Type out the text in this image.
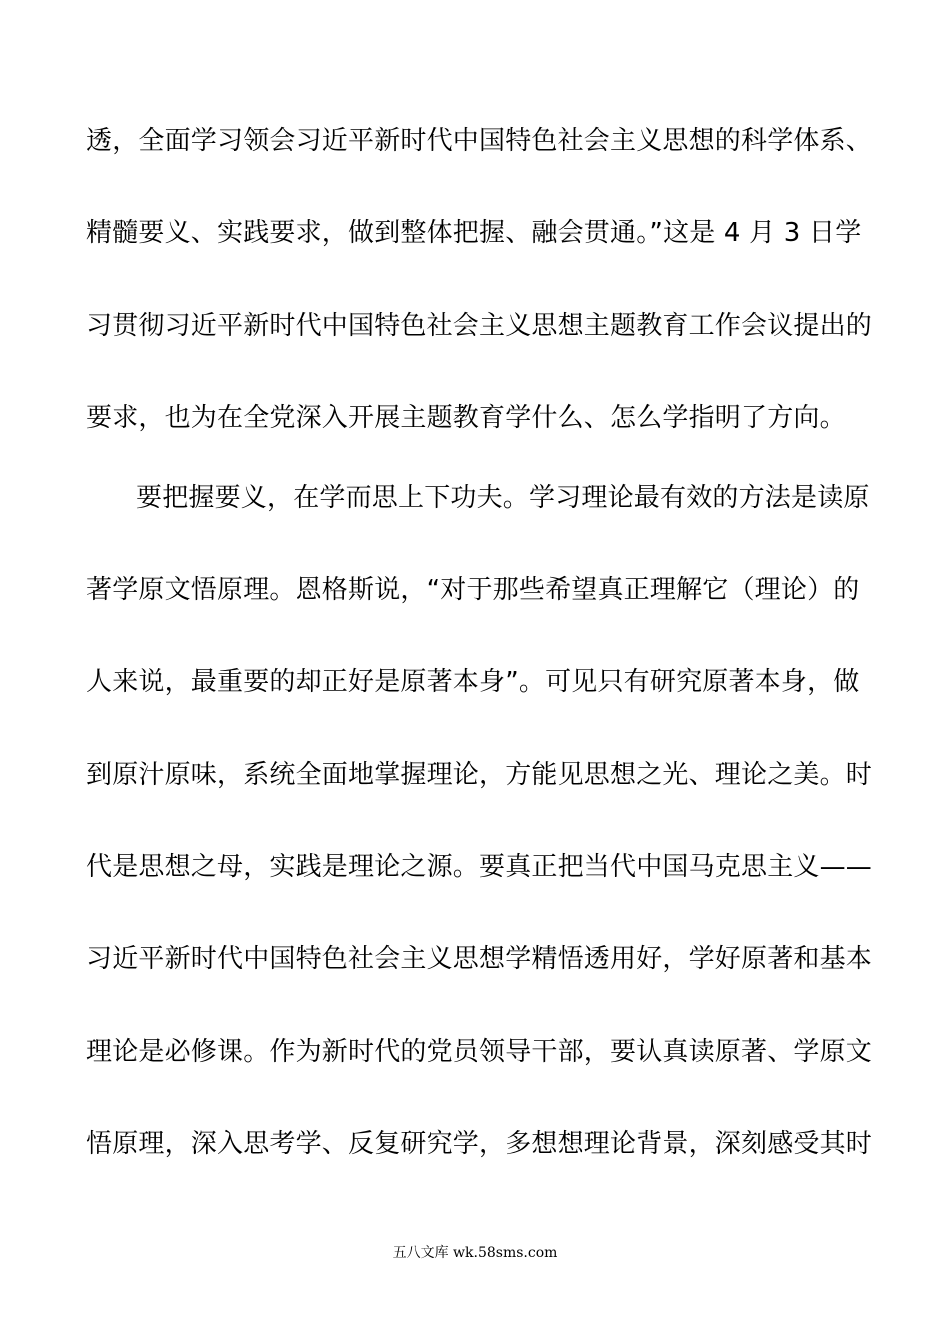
透，全面学习领会习近平新时代中国特色社会主义思想的科学体系、
精髓要义、实践要求，做到整体把握、融会贯通。”这是 4 月 3 日学
习贯彻习近平新时代中国特色社会主义思想主题教育工作会议提出的
要求，也为在全党深入开展主题教育学什么、怎么学指明了方向。
要把握要义，在学而思上下功夫。学习理论最有效的方法是读原
著学原文悟原理。恩格斯说，“对于那些希望真正理解它（理论）的
人来说，最重要的却正好是原著本身”。可见只有研究原著本身，做
到原汁原味，系统全面地掌握理论，方能见思想之光、理论之美。时
代是思想之母，实践是理论之源。要真正把当代中国马克思主义——
习近平新时代中国特色社会主义思想学精悟透用好，学好原著和基本
理论是必修课。作为新时代的党员领导干部，要认真读原著、学原文
悟原理，深入思考学、反复研究学，多想想理论背景，深刻感受其时
五八文库 wk.58sms.com
